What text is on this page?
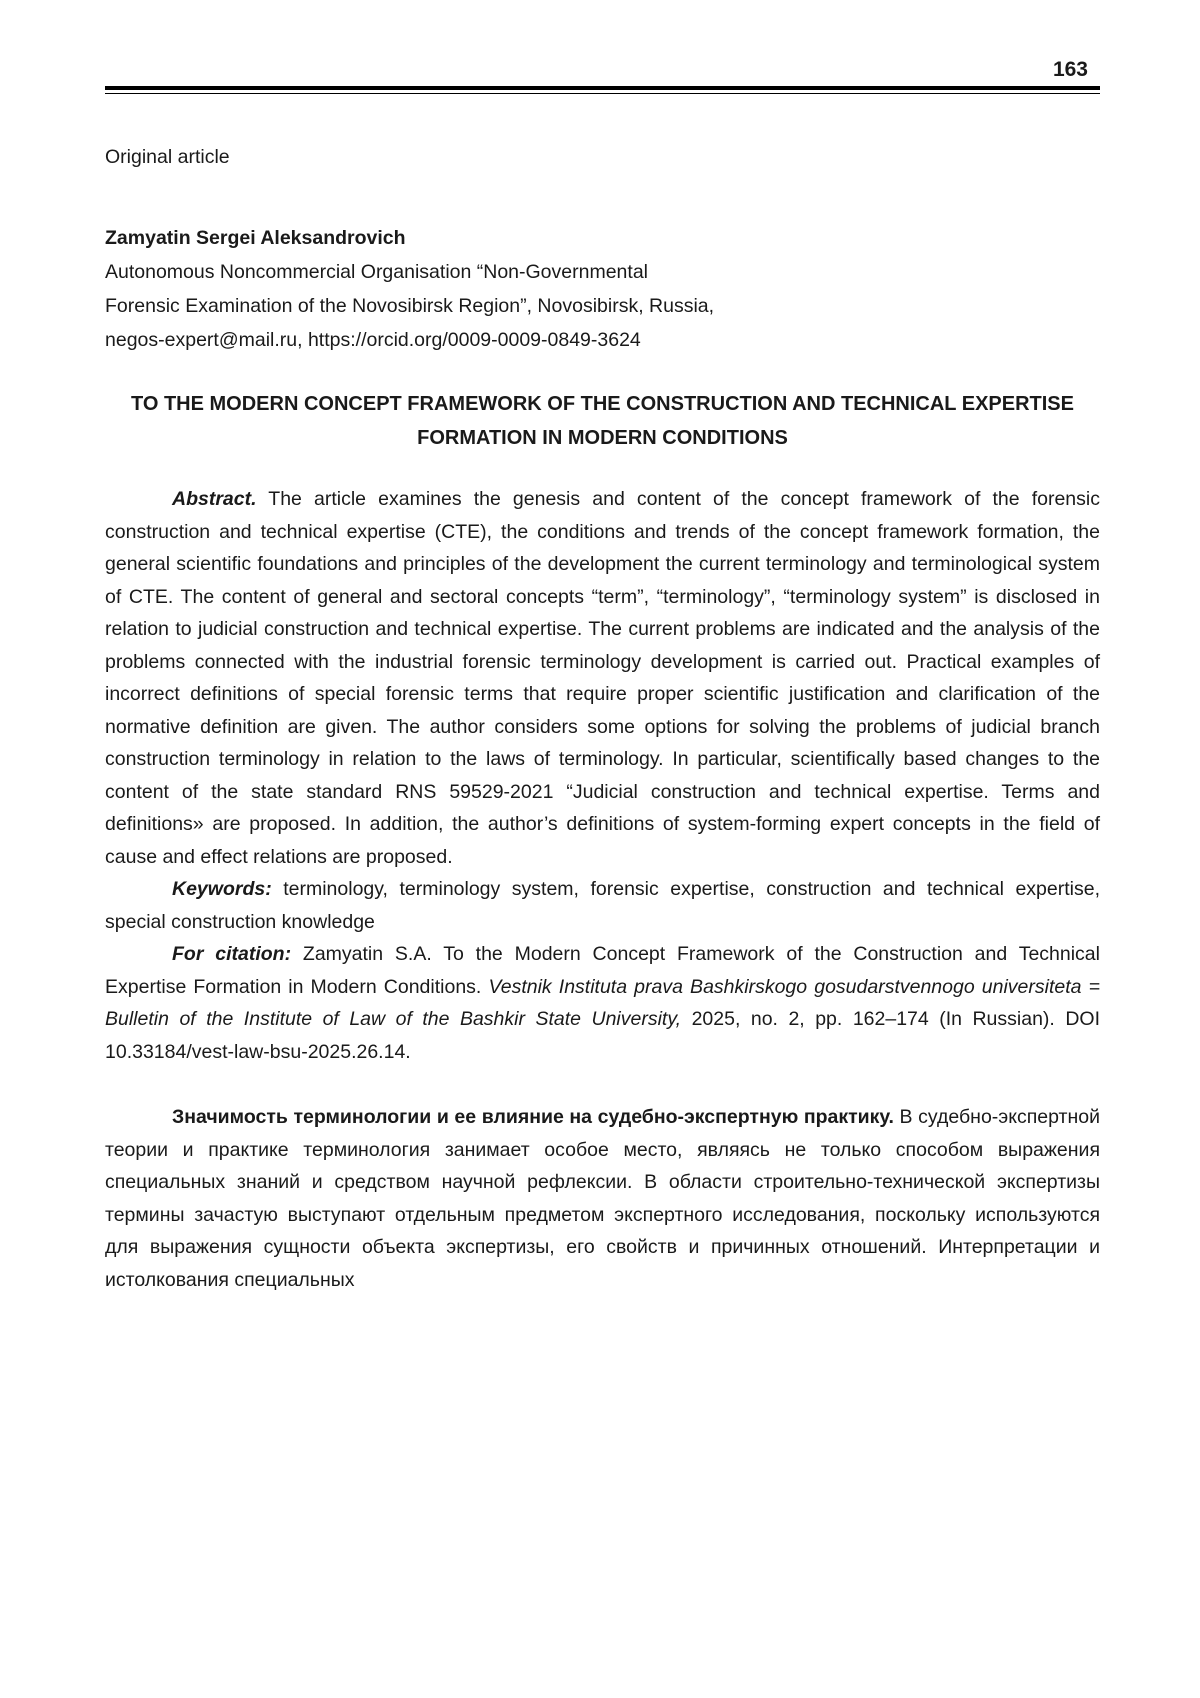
163
Original article
Zamyatin Sergei Aleksandrovich
Autonomous Noncommercial Organisation “Non-Governmental
Forensic Examination of the Novosibirsk Region”, Novosibirsk, Russia,
negos-expert@mail.ru, https://orcid.org/0009-0009-0849-3624
TO THE MODERN CONCEPT FRAMEWORK OF THE CONSTRUCTION AND TECHNICAL EXPERTISE FORMATION IN MODERN CONDITIONS

Abstract. The article examines the genesis and content of the concept framework of the forensic construction and technical expertise (CTE), the conditions and trends of the concept framework formation, the general scientific foundations and principles of the development the current terminology and terminological system of CTE. The content of general and sectoral concepts “term”, “terminology”, “terminology system” is disclosed in relation to judicial construction and technical expertise. The current problems are indicated and the analysis of the problems connected with the industrial forensic terminology development is carried out. Practical examples of incorrect definitions of special forensic terms that require proper scientific justification and clarification of the normative definition are given. The author considers some options for solving the problems of judicial branch construction terminology in relation to the laws of terminology. In particular, scientifically based changes to the content of the state standard RNS 59529-2021 “Judicial construction and technical expertise. Terms and definitions» are proposed. In addition, the author’s definitions of system-forming expert concepts in the field of cause and effect relations are proposed.

Keywords: terminology, terminology system, forensic expertise, construction and technical expertise, special construction knowledge

For citation: Zamyatin S.A. To the Modern Concept Framework of the Construction and Technical Expertise Formation in Modern Conditions. Vestnik Instituta prava Bashkirskogo gosudarstvennogo universiteta = Bulletin of the Institute of Law of the Bashkir State University, 2025, no. 2, pp. 162–174 (In Russian). DOI 10.33184/vest-law-bsu-2025.26.14.

Значимость терминологии и ее влияние на судебно-экспертную практику. В судебно-экспертной теории и практике терминология занимает особое место, являясь не только способом выражения специальных знаний и средством научной рефлексии. В области строительно-технической экспертизы термины зачастую выступают отдельным предметом экспертного исследования, поскольку используются для выражения сущности объекта экспертизы, его свойств и причинных отношений. Интерпретации и истолкования специальных
